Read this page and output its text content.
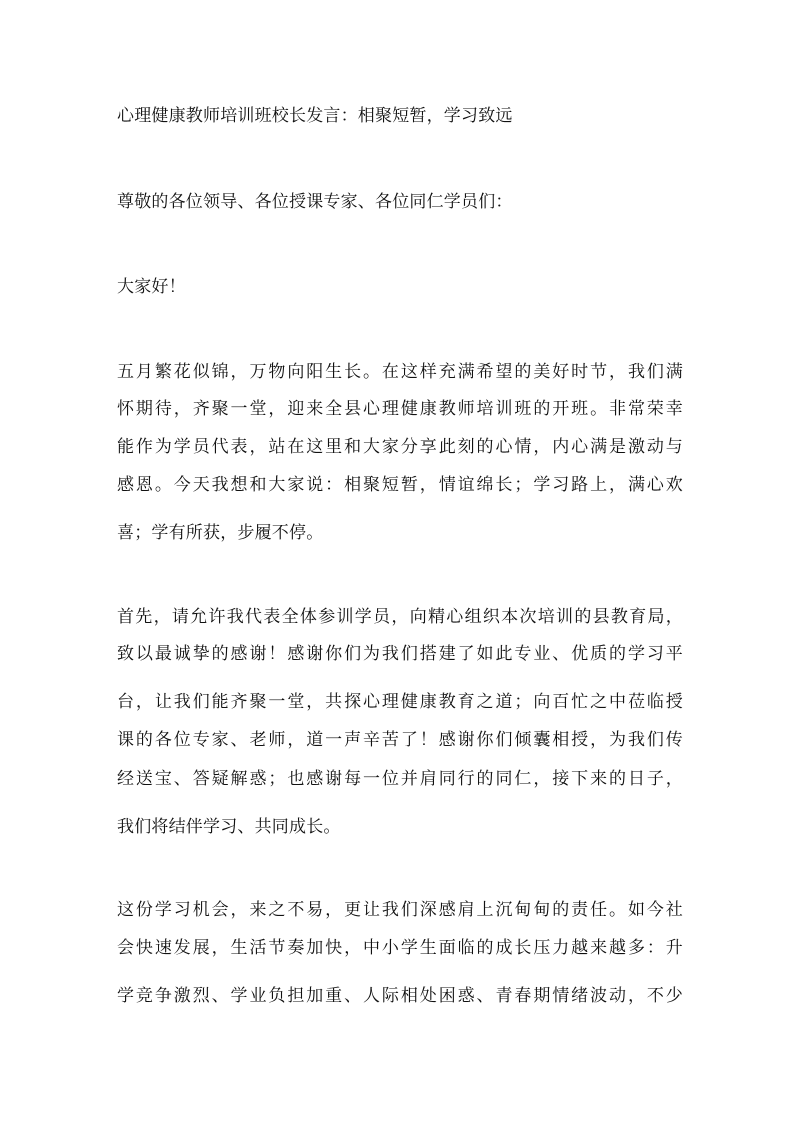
心理健康教师培训班校长发言：相聚短暂，学习致远
尊敬的各位领导、各位授课专家、各位同仁学员们：
大家好！
五月繁花似锦，万物向阳生长。在这样充满希望的美好时节，我们满
怀期待，齐聚一堂，迎来全县心理健康教师培训班的开班。非常荣幸
能作为学员代表，站在这里和大家分享此刻的心情，内心满是激动与
感恩。今天我想和大家说：相聚短暂，情谊绵长；学习路上，满心欢
喜；学有所获，步履不停。
首先，请允许我代表全体参训学员，向精心组织本次培训的县教育局，
致以最诚挚的感谢！感谢你们为我们搭建了如此专业、优质的学习平
台，让我们能齐聚一堂，共探心理健康教育之道；向百忙之中莅临授
课的各位专家、老师，道一声辛苦了！感谢你们倾囊相授，为我们传
经送宝、答疑解惑；也感谢每一位并肩同行的同仁，接下来的日子，
我们将结伴学习、共同成长。
这份学习机会，来之不易，更让我们深感肩上沉甸甸的责任。如今社
会快速发展，生活节奏加快，中小学生面临的成长压力越来越多：升
学竞争激烈、学业负担加重、人际相处困惑、青春期情绪波动，不少
